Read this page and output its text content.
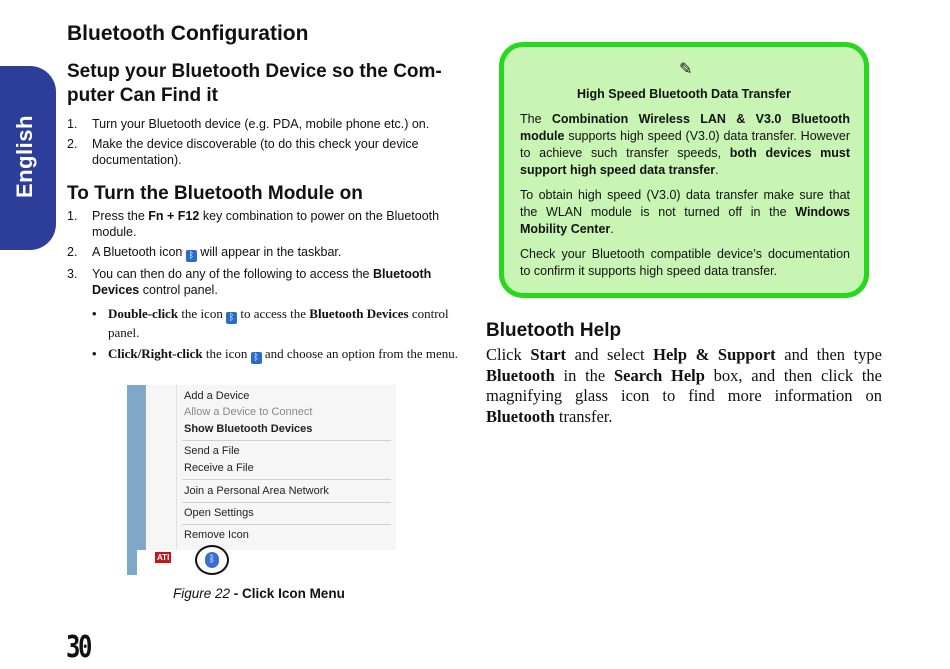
English
Bluetooth Configuration
Setup your Bluetooth Device so the Com-
puter Can Find it
1. Turn your Bluetooth device (e.g. PDA, mobile phone etc.) on.
2. Make the device discoverable (to do this check your device documentation).
To Turn the Bluetooth Module on
1. Press the Fn + F12 key combination to power on the Bluetooth module.
2. A Bluetooth icon ᛒ will appear in the taskbar.
3. You can then do any of the following to access the Bluetooth Devices control panel.
• Double-click the icon ᛒ to access the Bluetooth Devices control panel.
• Click/Right-click the icon ᛒ and choose an option from the menu.
Add a Device
Allow a Device to Connect
Show Bluetooth Devices
Send a File
Receive a File
Join a Personal Area Network
Open Settings
Remove Icon
ATI	ᛒ
Figure 22 - Click Icon Menu
✎
High Speed Bluetooth Data Transfer
The Combination Wireless LAN & V3.0 Bluetooth module supports high speed (V3.0) data transfer. However to achieve such transfer speeds, both devices must support high speed data transfer.
To obtain high speed (V3.0) data transfer make sure that the WLAN module is not turned off in the Windows Mobility Center.
Check your Bluetooth compatible device’s documentation to confirm it supports high speed data transfer.
Bluetooth Help
Click Start and select Help & Support and then type Bluetooth in the Search Help box, and then click the magnifying glass icon to find more information on Bluetooth transfer.
30
